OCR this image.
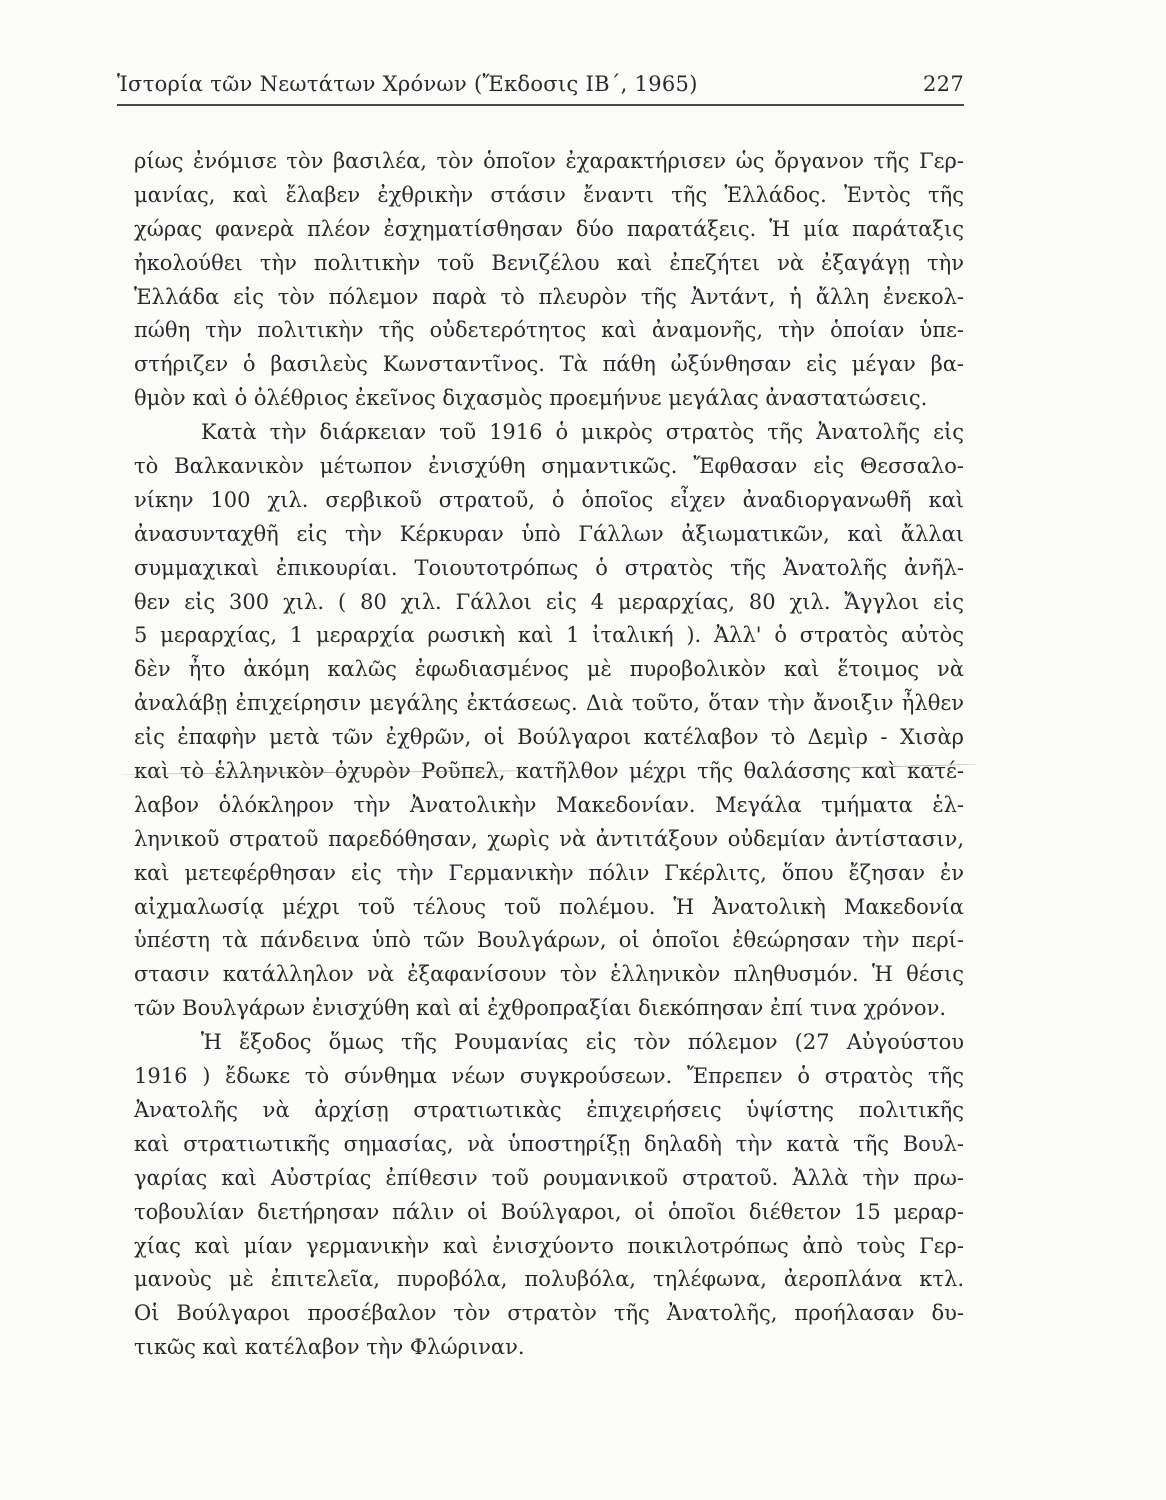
Ἱστορία τῶν Νεωτάτων Χρόνων (Ἔκδοσις ΙΒ΄, 1965)	227
ρίως ἐνόμισε τὸν βασιλέα, τὸν ὁποῖον ἐχαρακτήρισεν ὡς ὄργανον τῆς Γερ-
μανίας, καὶ ἔλαβεν ἐχθρικὴν στάσιν ἔναντι τῆς Ἑλλάδος. Ἐντὸς τῆς
χώρας φανερὰ πλέον ἐσχηματίσθησαν δύο παρατάξεις. Ἡ μία παράταξις
ἠκολούθει τὴν πολιτικὴν τοῦ Βενιζέλου καὶ ἐπεζήτει νὰ ἐξαγάγῃ τὴν
Ἑλλάδα εἰς τὸν πόλεμον παρὰ τὸ πλευρὸν τῆς Ἀντάντ, ἡ ἄλλη ἐνεκολ-
πώθη τὴν πολιτικὴν τῆς οὐδετερότητος καὶ ἀναμονῆς, τὴν ὁποίαν ὑπε-
στήριζεν ὁ βασιλεὺς Κωνσταντῖνος. Τὰ πάθη ὠξύνθησαν εἰς μέγαν βα-
θμὸν καὶ ὁ ὀλέθριος ἐκεῖνος διχασμὸς προεμήνυε μεγάλας ἀναστατώσεις.
Κατὰ τὴν διάρκειαν τοῦ 1916 ὁ μικρὸς στρατὸς τῆς Ἀνατολῆς εἰς
τὸ Βαλκανικὸν μέτωπον ἐνισχύθη σημαντικῶς. Ἔφθασαν εἰς Θεσσαλο-
νίκην 100 χιλ. σερβικοῦ στρατοῦ, ὁ ὁποῖος εἶχεν ἀναδιοργανωθῆ καὶ
ἀνασυνταχθῆ εἰς τὴν Κέρκυραν ὑπὸ Γάλλων ἀξιωματικῶν, καὶ ἄλλαι
συμμαχικαὶ ἐπικουρίαι. Τοιουτοτρόπως ὁ στρατὸς τῆς Ἀνατολῆς ἀνῆλ-
θεν εἰς 300 χιλ. ( 80 χιλ. Γάλλοι εἰς 4 μεραρχίας, 80 χιλ. Ἄγγλοι εἰς
5 μεραρχίας, 1 μεραρχία ρωσικὴ καὶ 1 ἰταλική ). Ἀλλ' ὁ στρατὸς αὐτὸς
δὲν ἦτο ἀκόμη καλῶς ἐφωδιασμένος μὲ πυροβολικὸν καὶ ἕτοιμος νὰ
ἀναλάβῃ ἐπιχείρησιν μεγάλης ἐκτάσεως. Διὰ τοῦτο, ὅταν τὴν ἄνοιξιν ἦλθεν
εἰς ἐπαφὴν μετὰ τῶν ἐχθρῶν, οἱ Βούλγαροι κατέλαβον τὸ Δεμὶρ - Χισὰρ
καὶ τὸ ἑλληνικὸν ὀχυρὸν Ροῦπελ, κατῆλθον μέχρι τῆς θαλάσσης καὶ κατέ-
λαβον ὁλόκληρον τὴν Ἀνατολικὴν Μακεδονίαν. Μεγάλα τμήματα ἑλ-
ληνικοῦ στρατοῦ παρεδόθησαν, χωρὶς νὰ ἀντιτάξουν οὐδεμίαν ἀντίστασιν,
καὶ μετεφέρθησαν εἰς τὴν Γερμανικὴν πόλιν Γκέρλιτς, ὅπου ἔζησαν ἐν
αἰχμαλωσίᾳ μέχρι τοῦ τέλους τοῦ πολέμου. Ἡ Ἀνατολικὴ Μακεδονία
ὑπέστη τὰ πάνδεινα ὑπὸ τῶν Βουλγάρων, οἱ ὁποῖοι ἐθεώρησαν τὴν περί-
στασιν κατάλληλον νὰ ἐξαφανίσουν τὸν ἑλληνικὸν πληθυσμόν. Ἡ θέσις
τῶν Βουλγάρων ἐνισχύθη καὶ αἱ ἐχθροπραξίαι διεκόπησαν ἐπί τινα χρόνον.
Ἡ ἔξοδος ὅμως τῆς Ρουμανίας εἰς τὸν πόλεμον (27 Αὐγούστου
1916 ) ἔδωκε τὸ σύνθημα νέων συγκρούσεων. Ἔπρεπεν ὁ στρατὸς τῆς
Ἀνατολῆς νὰ ἀρχίσῃ στρατιωτικὰς ἐπιχειρήσεις ὑψίστης πολιτικῆς
καὶ στρατιωτικῆς σημασίας, νὰ ὑποστηρίξῃ δηλαδὴ τὴν κατὰ τῆς Βουλ-
γαρίας καὶ Αὐστρίας ἐπίθεσιν τοῦ ρουμανικοῦ στρατοῦ. Ἀλλὰ τὴν πρω-
τοβουλίαν διετήρησαν πάλιν οἱ Βούλγαροι, οἱ ὁποῖοι διέθετον 15 μεραρ-
χίας καὶ μίαν γερμανικὴν καὶ ἐνισχύοντο ποικιλοτρόπως ἀπὸ τοὺς Γερ-
μανοὺς μὲ ἐπιτελεῖα, πυροβόλα, πολυβόλα, τηλέφωνα, ἀεροπλάνα κτλ.
Οἱ Βούλγαροι προσέβαλον τὸν στρατὸν τῆς Ἀνατολῆς, προήλασαν δυ-
τικῶς καὶ κατέλαβον τὴν Φλώριναν.
